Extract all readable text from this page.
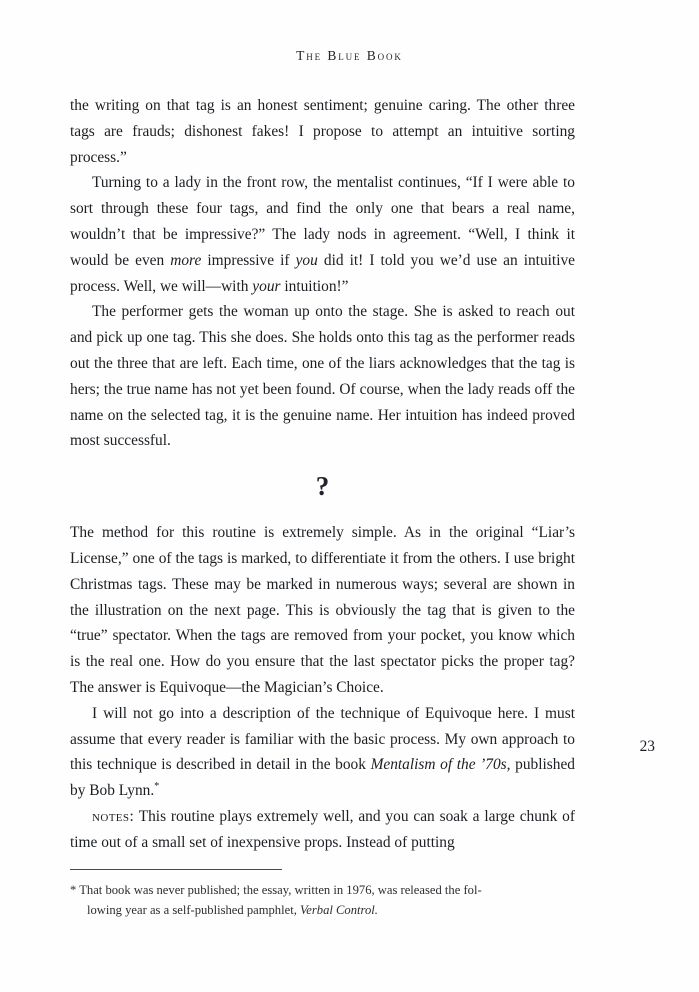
The Blue Book

the writing on that tag is an honest sentiment; genuine caring. The other three tags are frauds; dishonest fakes! I propose to attempt an intuitive sorting process.”

Turning to a lady in the front row, the mentalist continues, “If I were able to sort through these four tags, and find the only one that bears a real name, wouldn’t that be impressive?” The lady nods in agreement. “Well, I think it would be even more impressive if you did it! I told you we’d use an intuitive process. Well, we will—with your intuition!”

The performer gets the woman up onto the stage. She is asked to reach out and pick up one tag. This she does. She holds onto this tag as the performer reads out the three that are left. Each time, one of the liars acknowledges that the tag is hers; the true name has not yet been found. Of course, when the lady reads off the name on the selected tag, it is the genuine name. Her intuition has indeed proved most successful.

?

The method for this routine is extremely simple. As in the original “Liar’s License,” one of the tags is marked, to differentiate it from the others. I use bright Christmas tags. These may be marked in numerous ways; several are shown in the illustration on the next page. This is obviously the tag that is given to the “true” spectator. When the tags are removed from your pocket, you know which is the real one. How do you ensure that the last spectator picks the proper tag? The answer is Equivoque—the Magician’s Choice.

I will not go into a description of the technique of Equivoque here. I must assume that every reader is familiar with the basic process. My own approach to this technique is described in detail in the book Mentalism of the ’70s, published by Bob Lynn.*

notes: This routine plays extremely well, and you can soak a large chunk of time out of a small set of inexpensive props. Instead of putting

23
* That book was never published; the essay, written in 1976, was released the fol-
lowing year as a self-published pamphlet, Verbal Control.
